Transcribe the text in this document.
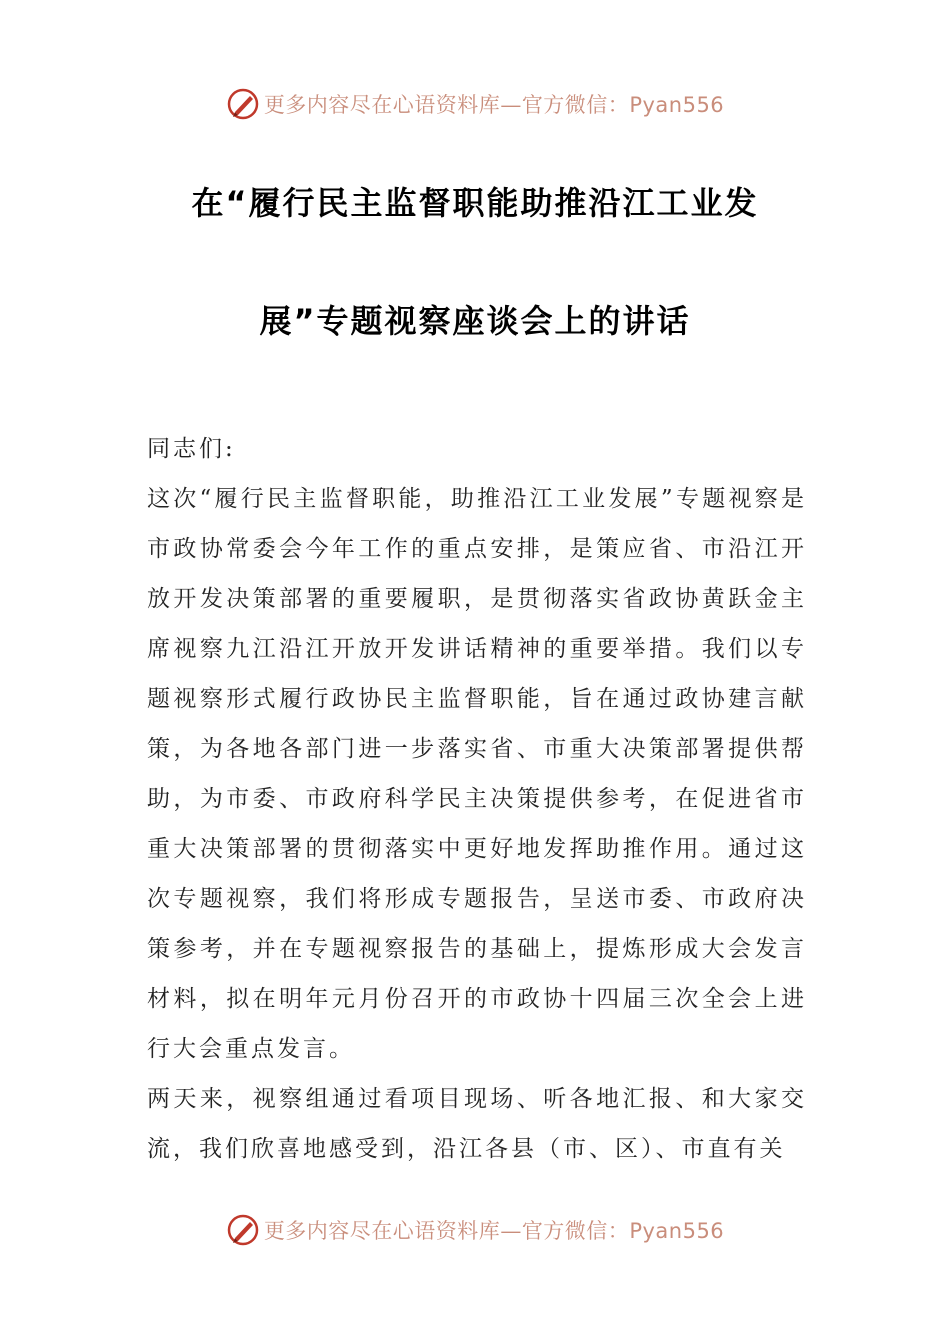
更多内容尽在心语资料库—官方微信：Pyan556
在“履行民主监督职能助推沿江工业发
展”专题视察座谈会上的讲话

同志们:

这次“履行民主监督职能，助推沿江工业发展”专题视察是市政协常委会今年工作的重点安排，是策应省、市沿江开放开发决策部署的重要履职，是贯彻落实省政协黄跃金主席视察九江沿江开放开发讲话精神的重要举措。我们以专题视察形式履行政协民主监督职能，旨在通过政协建言献策，为各地各部门进一步落实省、市重大决策部署提供帮助，为市委、市政府科学民主决策提供参考，在促进省市重大决策部署的贯彻落实中更好地发挥助推作用。通过这次专题视察，我们将形成专题报告，呈送市委、市政府决策参考，并在专题视察报告的基础上，提炼形成大会发言材料，拟在明年元月份召开的市政协十四届三次全会上进行大会重点发言。

两天来，视察组通过看项目现场、听各地汇报、和大家交流，我们欣喜地感受到，沿江各县（市、区）、市直有关

更多内容尽在心语资料库—官方微信：Pyan556
